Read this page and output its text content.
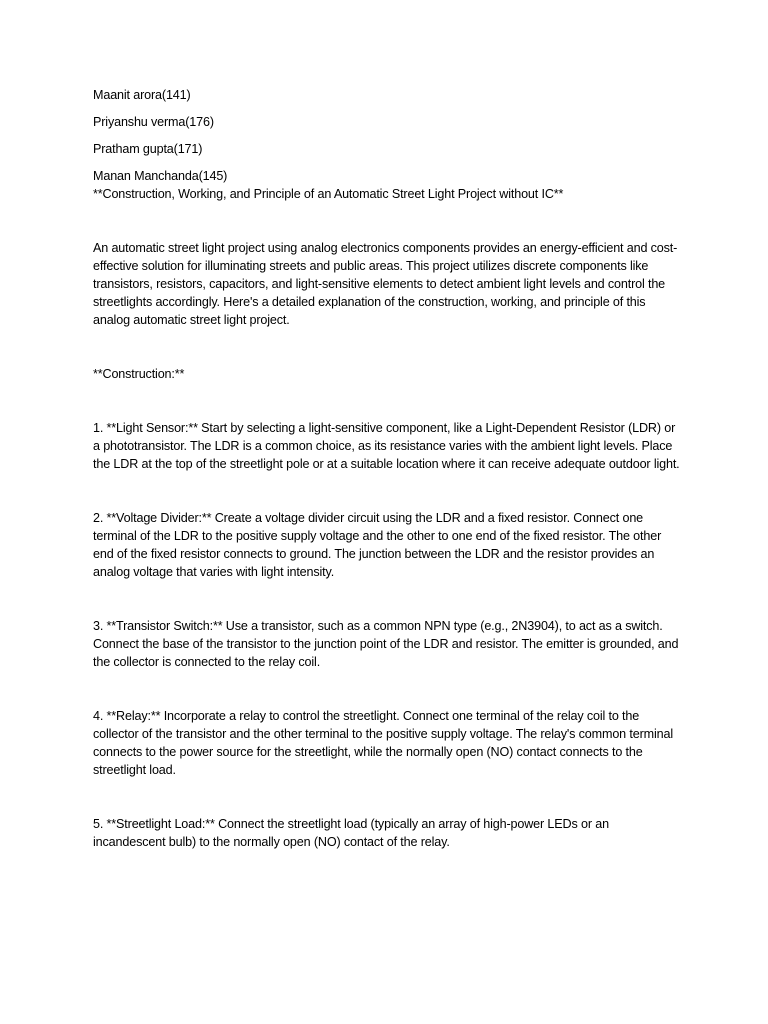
Maanit arora(141)

Priyanshu verma(176)

Pratham gupta(171)

Manan Manchanda(145)

**Construction, Working, and Principle of an Automatic Street Light Project without IC**

An automatic street light project using analog electronics components provides an energy-efficient and cost-effective solution for illuminating streets and public areas. This project utilizes discrete components like transistors, resistors, capacitors, and light-sensitive elements to detect ambient light levels and control the streetlights accordingly. Here's a detailed explanation of the construction, working, and principle of this analog automatic street light project.

**Construction:**

1. **Light Sensor:** Start by selecting a light-sensitive component, like a Light-Dependent Resistor (LDR) or a phototransistor. The LDR is a common choice, as its resistance varies with the ambient light levels. Place the LDR at the top of the streetlight pole or at a suitable location where it can receive adequate outdoor light.

2. **Voltage Divider:** Create a voltage divider circuit using the LDR and a fixed resistor. Connect one terminal of the LDR to the positive supply voltage and the other to one end of the fixed resistor. The other end of the fixed resistor connects to ground. The junction between the LDR and the resistor provides an analog voltage that varies with light intensity.

3. **Transistor Switch:** Use a transistor, such as a common NPN type (e.g., 2N3904), to act as a switch. Connect the base of the transistor to the junction point of the LDR and resistor. The emitter is grounded, and the collector is connected to the relay coil.

4. **Relay:** Incorporate a relay to control the streetlight. Connect one terminal of the relay coil to the collector of the transistor and the other terminal to the positive supply voltage. The relay's common terminal connects to the power source for the streetlight, while the normally open (NO) contact connects to the streetlight load.

5. **Streetlight Load:** Connect the streetlight load (typically an array of high-power LEDs or an incandescent bulb) to the normally open (NO) contact of the relay.
